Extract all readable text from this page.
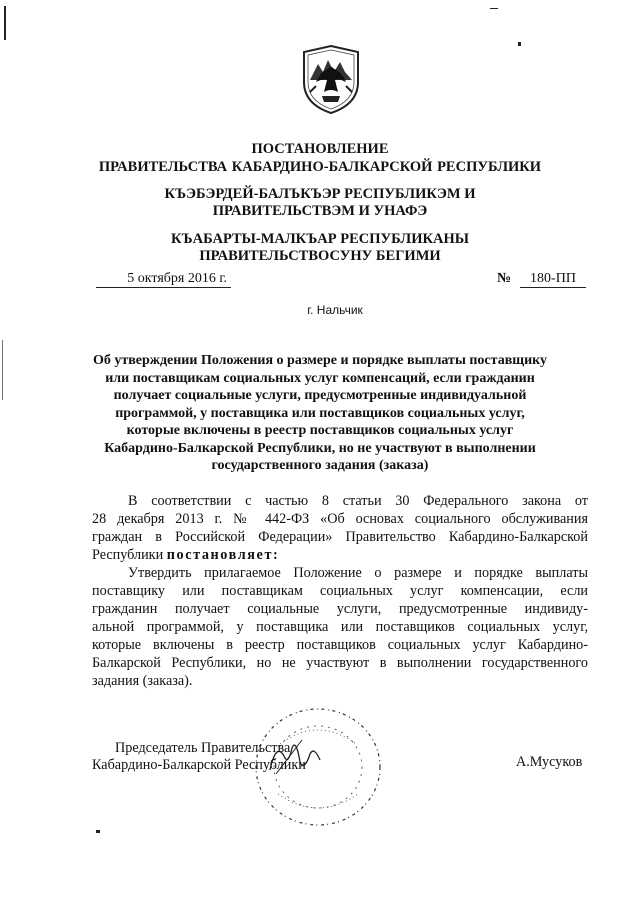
ПОСТАНОВЛЕНИЕ
ПРАВИТЕЛЬСТВА КАБАРДИНО-БАЛКАРСКОЙ РЕСПУБЛИКИ
КЪЭБЭРДЕЙ-БАЛЪКЪЭР РЕСПУБЛИКЭМ И ПРАВИТЕЛЬСТВЭМ И УНАФЭ
КЪАБАРТЫ-МАЛКЪАР РЕСПУБЛИКАНЫ ПРАВИТЕЛЬСТВОСУНУ БЕГИМИ
5 октября 2016 г.	№	180-ПП
г. Нальчик
Об утверждении Положения о размере и порядке выплаты поставщику
или поставщикам социальных услуг компенсаций, если гражданин
получает социальные услуги, предусмотренные индивидуальной
программой, у поставщика или поставщиков социальных услуг,
которые включены в реестр поставщиков социальных услуг
Кабардино-Балкарской Республики, но не участвуют в выполнении
государственного задания (заказа)
В соответствии с частью 8 статьи 30 Федерального закона от
28 декабря 2013 г. № 442-ФЗ «Об основах социального обслуживания
граждан в Российской Федерации» Правительство Кабардино-Балкарской
Республики постановляет:
Утвердить прилагаемое Положение о размере и порядке выплаты
поставщику или поставщикам социальных услуг компенсации, если
гражданин получает социальные услуги, предусмотренные индивиду-
альной программой, у поставщика или поставщиков социальных услуг,
которые включены в реестр поставщиков социальных услуг Кабардино-
Балкарской Республики, но не участвуют в выполнении государственного
задания (заказа).
Председатель Правительства
Кабардино-Балкарской Республики	А.Мусуков
